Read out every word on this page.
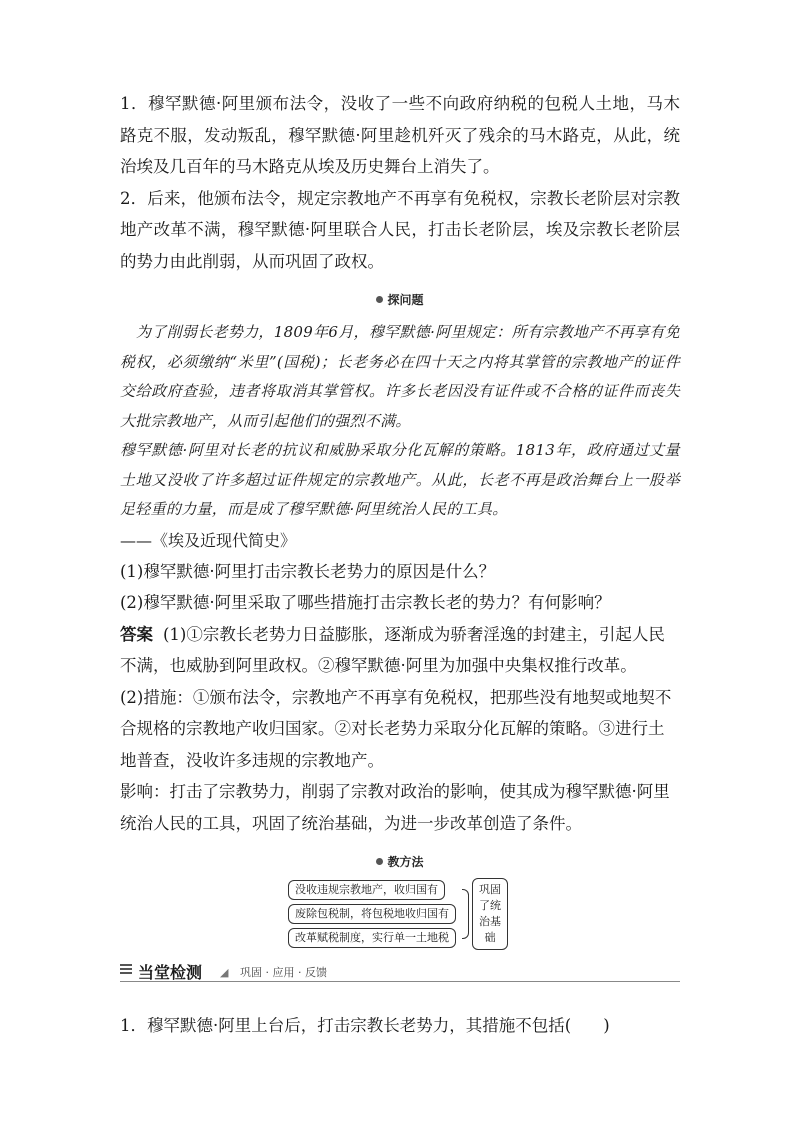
1．穆罕默德·阿里颁布法令，没收了一些不向政府纳税的包税人土地，马木路克不服，发动叛乱，穆罕默德·阿里趁机歼灭了残余的马木路克，从此，统治埃及几百年的马木路克从埃及历史舞台上消失了。

2．后来，他颁布法令，规定宗教地产不再享有免税权，宗教长老阶层对宗教地产改革不满，穆罕默德·阿里联合人民，打击长老阶层，埃及宗教长老阶层的势力由此削弱，从而巩固了政权。

探问题

为了削弱长老势力，1809年6月，穆罕默德·阿里规定：所有宗教地产不再享有免税权，必须缴纳“米里”(国税)；长老务必在四十天之内将其掌管的宗教地产的证件交给政府查验，违者将取消其掌管权。许多长老因没有证件或不合格的证件而丧失大批宗教地产，从而引起他们的强烈不满。

穆罕默德·阿里对长老的抗议和威胁采取分化瓦解的策略。1813年，政府通过丈量土地又没收了许多超过证件规定的宗教地产。从此，长老不再是政治舞台上一股举足轻重的力量，而是成了穆罕默德·阿里统治人民的工具。

——《埃及近现代简史》

(1)穆罕默德·阿里打击宗教长老势力的原因是什么？

(2)穆罕默德·阿里采取了哪些措施打击宗教长老的势力？有何影响？

答案 (1)①宗教长老势力日益膨胀，逐渐成为骄奢淫逸的封建主，引起人民不满，也威胁到阿里政权。②穆罕默德·阿里为加强中央集权推行改革。

(2)措施：①颁布法令，宗教地产不再享有免税权，把那些没有地契或地契不合规格的宗教地产收归国家。②对长老势力采取分化瓦解的策略。③进行土地普查，没收许多违规的宗教地产。

影响：打击了宗教势力，削弱了宗教对政治的影响，使其成为穆罕默德·阿里统治人民的工具，巩固了统治基础，为进一步改革创造了条件。

教方法
没收违规宗教地产，收归国有
废除包税制，将包税地收归国有
改革赋税制度，实行单一土地税
巩固了统治基础
当堂检测 ◢ 巩固 · 应用 · 反馈

1．穆罕默德·阿里上台后，打击宗教长老势力，其措施不包括( )
